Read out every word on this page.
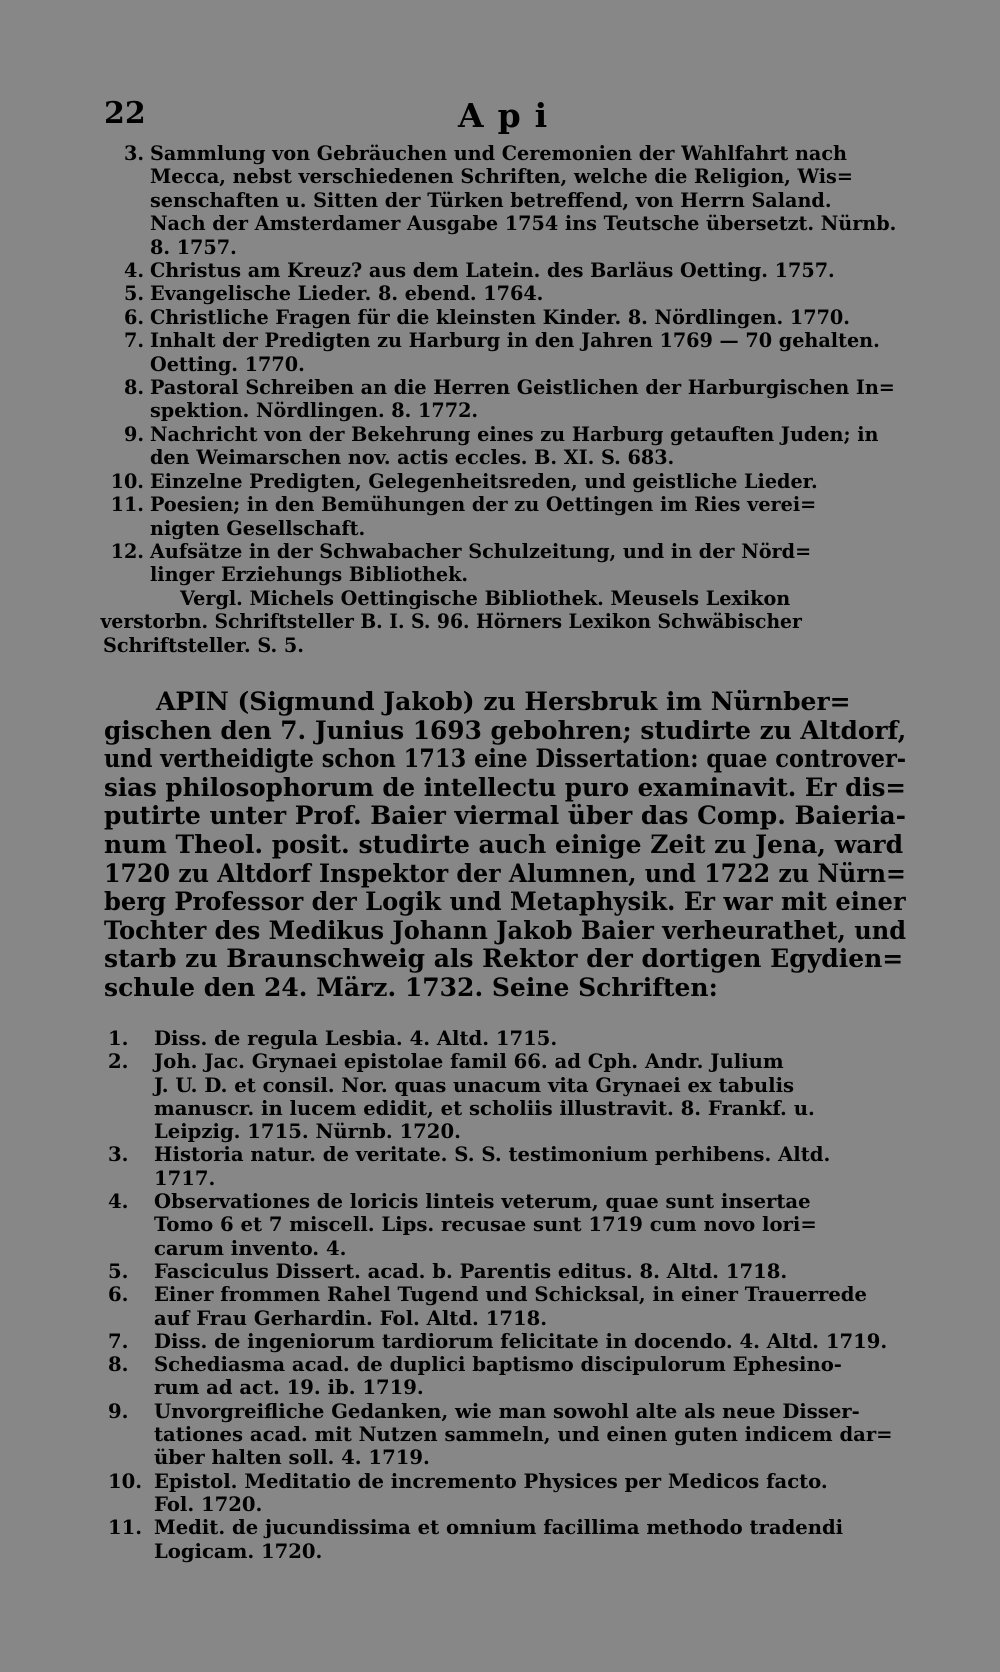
22	Api
3. Sammlung von Gebräuchen und Ceremonien der Wahlfahrt nach
Mecca, nebst verschiedenen Schriften, welche die Religion, Wis=
senschaften u. Sitten der Türken betreffend, von Herrn Saland.
Nach der Amsterdamer Ausgabe 1754 ins Teutsche übersetzt. Nürnb.
8. 1757.
4. Christus am Kreuz? aus dem Latein. des Barläus Oetting. 1757.
5. Evangelische Lieder. 8. ebend. 1764.
6. Christliche Fragen für die kleinsten Kinder. 8. Nördlingen. 1770.
7. Inhalt der Predigten zu Harburg in den Jahren 1769 — 70 gehalten.
Oetting. 1770.
8. Pastoral Schreiben an die Herren Geistlichen der Harburgischen In=
spektion. Nördlingen. 8. 1772.
9. Nachricht von der Bekehrung eines zu Harburg getauften Juden; in
den Weimarschen nov. actis eccles. B. XI. S. 683.
10. Einzelne Predigten, Gelegenheitsreden, und geistliche Lieder.
11. Poesien; in den Bemühungen der zu Oettingen im Ries verei=
nigten Gesellschaft.
12. Aufsätze in der Schwabacher Schulzeitung, und in der Nörd=
linger Erziehungs Bibliothek.
Vergl. Michels Oettingische Bibliothek. Meusels Lexikon
verstorbn. Schriftsteller B. I. S. 96. Hörners Lexikon Schwäbischer
Schriftsteller. S. 5.
APIN (Sigmund Jakob) zu Hersbruk im Nürnber=
gischen den 7. Junius 1693 gebohren; studirte zu Altdorf,
und vertheidigte schon 1713 eine Dissertation: quae controver-
sias philosophorum de intellectu puro examinavit. Er dis=
putirte unter Prof. Baier viermal über das Comp. Baieria-
num Theol. posit. studirte auch einige Zeit zu Jena, ward
1720 zu Altdorf Inspektor der Alumnen, und 1722 zu Nürn=
berg Professor der Logik und Metaphysik. Er war mit einer
Tochter des Medikus Johann Jakob Baier verheurathet, und
starb zu Braunschweig als Rektor der dortigen Egydien=
schule den 24. März. 1732. Seine Schriften:
1.	Diss. de regula Lesbia. 4. Altd. 1715.
2.	Joh. Jac. Grynaei epistolae famil 66. ad Cph. Andr. Julium
J. U. D. et consil. Nor. quas unacum vita Grynaei ex tabulis
manuscr. in lucem edidit, et scholiis illustravit. 8. Frankf. u.
Leipzig. 1715. Nürnb. 1720.
3.	Historia natur. de veritate. S. S. testimonium perhibens. Altd.
1717.
4.	Observationes de loricis linteis veterum, quae sunt insertae
Tomo 6 et 7 miscell. Lips. recusae sunt 1719 cum novo lori=
carum invento. 4.
5.	Fasciculus Dissert. acad. b. Parentis editus. 8. Altd. 1718.
6.	Einer frommen Rahel Tugend und Schicksal, in einer Trauerrede
auf Frau Gerhardin. Fol. Altd. 1718.
7.	Diss. de ingeniorum tardiorum felicitate in docendo. 4. Altd. 1719.
8.	Schediasma acad. de duplici baptismo discipulorum Ephesino-
rum ad act. 19. ib. 1719.
9.	Unvorgreifliche Gedanken, wie man sowohl alte als neue Disser-
tationes acad. mit Nutzen sammeln, und einen guten indicem dar=
über halten soll. 4. 1719.
10. Epistol. Meditatio de incremento Physices per Medicos facto.
Fol. 1720.
11. Medit. de jucundissima et omnium facillima methodo tradendi
Logicam. 1720.
